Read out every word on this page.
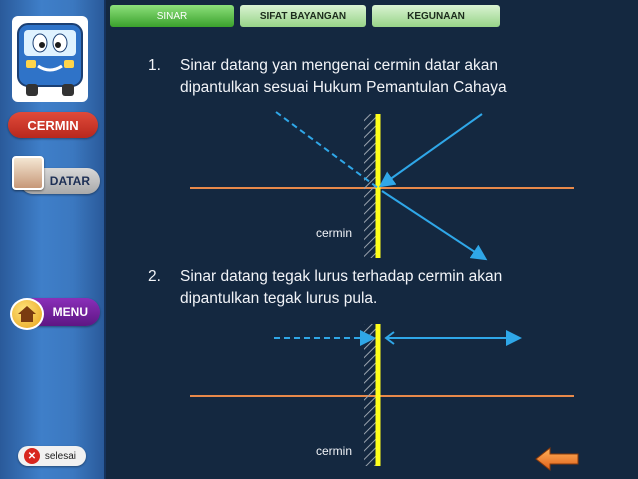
CERMIN
DATAR
MENU
selesai
✕
SINAR	SIFAT BAYANGAN	KEGUNAAN
1. Sinar datang yan mengenai cermin datar akan
dipantulkan sesuai Hukum Pemantulan Cahaya
cermin
2. Sinar datang tegak lurus terhadap cermin akan
dipantulkan tegak lurus pula.
cermin
